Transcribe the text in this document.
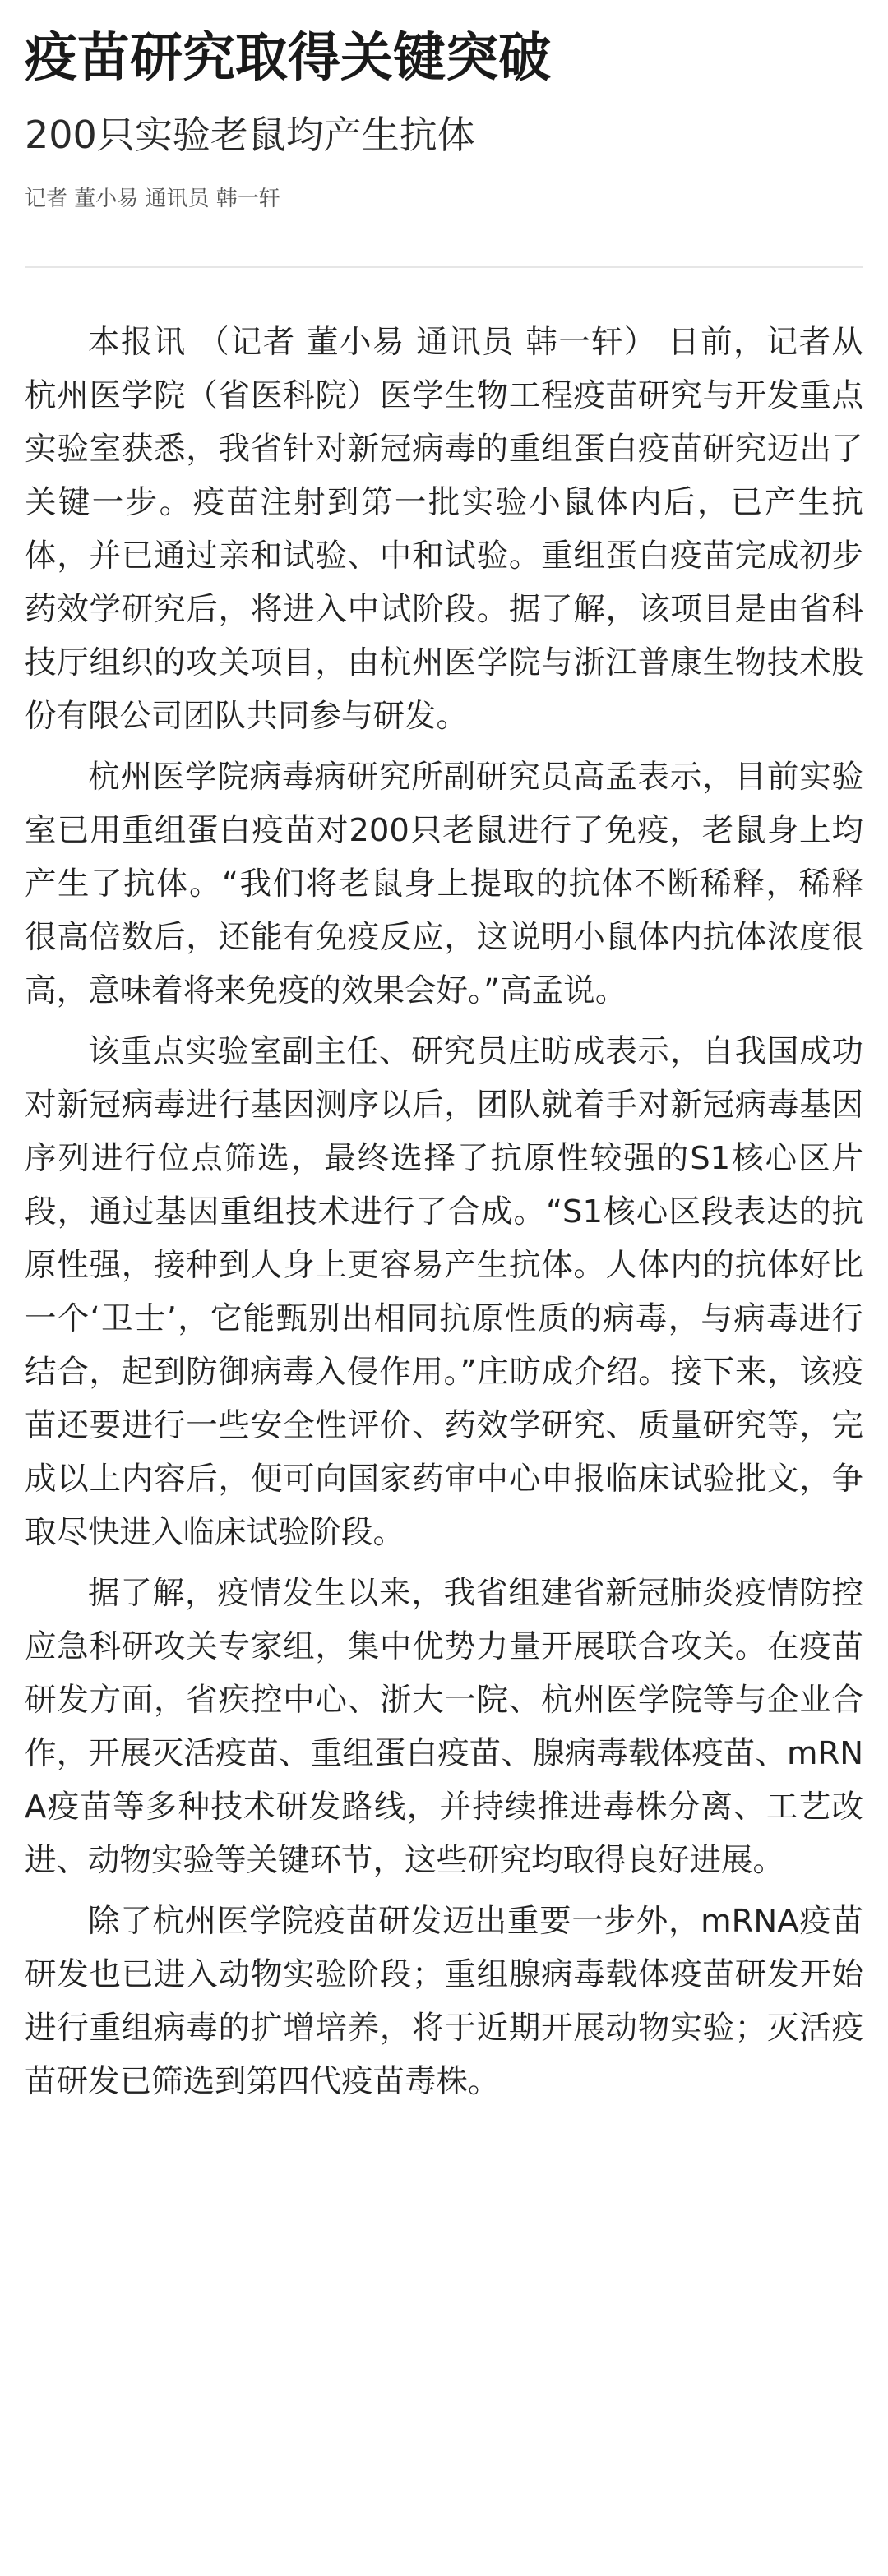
疫苗研究取得关键突破
200只实验老鼠均产生抗体
记者 董小易 通讯员 韩一轩

本报讯 （记者 董小易 通讯员 韩一轩） 日前，记者从杭州医学院（省医科院）医学生物工程疫苗研究与开发重点实验室获悉，我省针对新冠病毒的重组蛋白疫苗研究迈出了关键一步。疫苗注射到第一批实验小鼠体内后，已产生抗体，并已通过亲和试验、中和试验。重组蛋白疫苗完成初步药效学研究后，将进入中试阶段。据了解，该项目是由省科技厅组织的攻关项目，由杭州医学院与浙江普康生物技术股份有限公司团队共同参与研发。

杭州医学院病毒病研究所副研究员高孟表示，目前实验室已用重组蛋白疫苗对200只老鼠进行了免疫，老鼠身上均产生了抗体。“我们将老鼠身上提取的抗体不断稀释，稀释很高倍数后，还能有免疫反应，这说明小鼠体内抗体浓度很高，意味着将来免疫的效果会好。”高孟说。

该重点实验室副主任、研究员庄昉成表示，自我国成功对新冠病毒进行基因测序以后，团队就着手对新冠病毒基因序列进行位点筛选，最终选择了抗原性较强的S1核心区片段，通过基因重组技术进行了合成。“S1核心区段表达的抗原性强，接种到人身上更容易产生抗体。人体内的抗体好比一个‘卫士’，它能甄别出相同抗原性质的病毒，与病毒进行结合，起到防御病毒入侵作用。”庄昉成介绍。接下来，该疫苗还要进行一些安全性评价、药效学研究、质量研究等，完成以上内容后，便可向国家药审中心申报临床试验批文，争取尽快进入临床试验阶段。

据了解，疫情发生以来，我省组建省新冠肺炎疫情防控应急科研攻关专家组，集中优势力量开展联合攻关。在疫苗研发方面，省疾控中心、浙大一院、杭州医学院等与企业合作，开展灭活疫苗、重组蛋白疫苗、腺病毒载体疫苗、mRNA疫苗等多种技术研发路线，并持续推进毒株分离、工艺改进、动物实验等关键环节，这些研究均取得良好进展。

除了杭州医学院疫苗研发迈出重要一步外，mRNA疫苗研发也已进入动物实验阶段；重组腺病毒载体疫苗研发开始进行重组病毒的扩增培养，将于近期开展动物实验；灭活疫苗研发已筛选到第四代疫苗毒株。
